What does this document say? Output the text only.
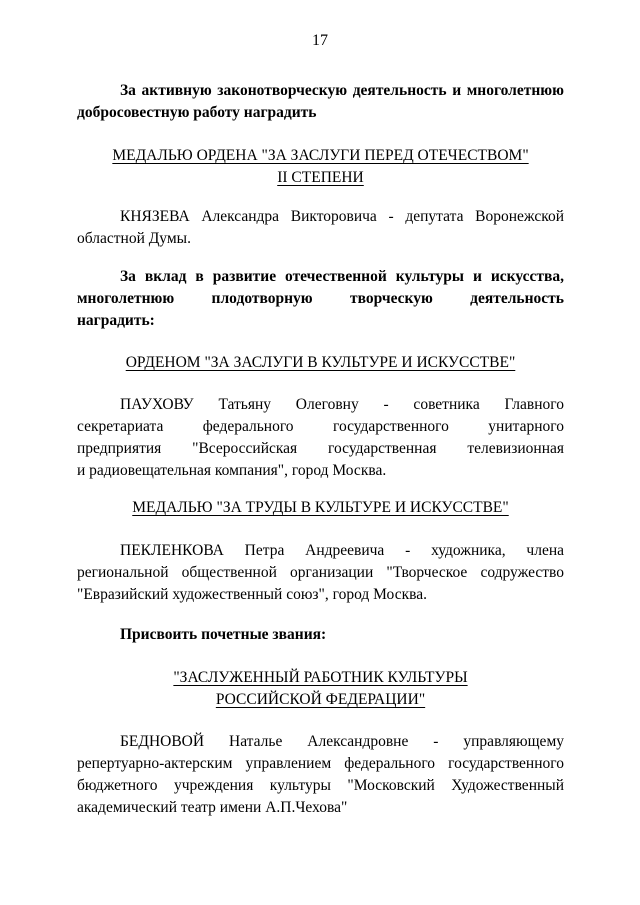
17
За активную законотворческую деятельность и многолетнюю
добросовестную работу наградить

МЕДАЛЬЮ ОРДЕНА "ЗА ЗАСЛУГИ ПЕРЕД ОТЕЧЕСТВОМ"

II СТЕПЕНИ

КНЯЗЕВА Александра Викторовича - депутата Воронежской
областной Думы.
За вклад в развитие отечественной культуры и искусства,
многолетнюю плодотворную творческую деятельность
наградить:

ОРДЕНОМ "ЗА ЗАСЛУГИ В КУЛЬТУРЕ И ИСКУССТВЕ"

ПАУХОВУ Татьяну Олеговну - советника Главного
секретариата федерального государственного унитарного
предприятия "Всероссийская государственная телевизионная
и радиовещательная компания", город Москва.

МЕДАЛЬЮ "ЗА ТРУДЫ В КУЛЬТУРЕ И ИСКУССТВЕ"

ПЕКЛЕНКОВА Петра Андреевича - художника, члена
региональной общественной организации "Творческое содружество
"Евразийский художественный союз", город Москва.
Присвоить почетные звания:

"ЗАСЛУЖЕННЫЙ РАБОТНИК КУЛЬТУРЫ

РОССИЙСКОЙ ФЕДЕРАЦИИ"

БЕДНОВОЙ Наталье Александровне - управляющему
репертуарно-актерским управлением федерального государственного
бюджетного учреждения культуры "Московский Художественный
академический театр имени А.П.Чехова"
